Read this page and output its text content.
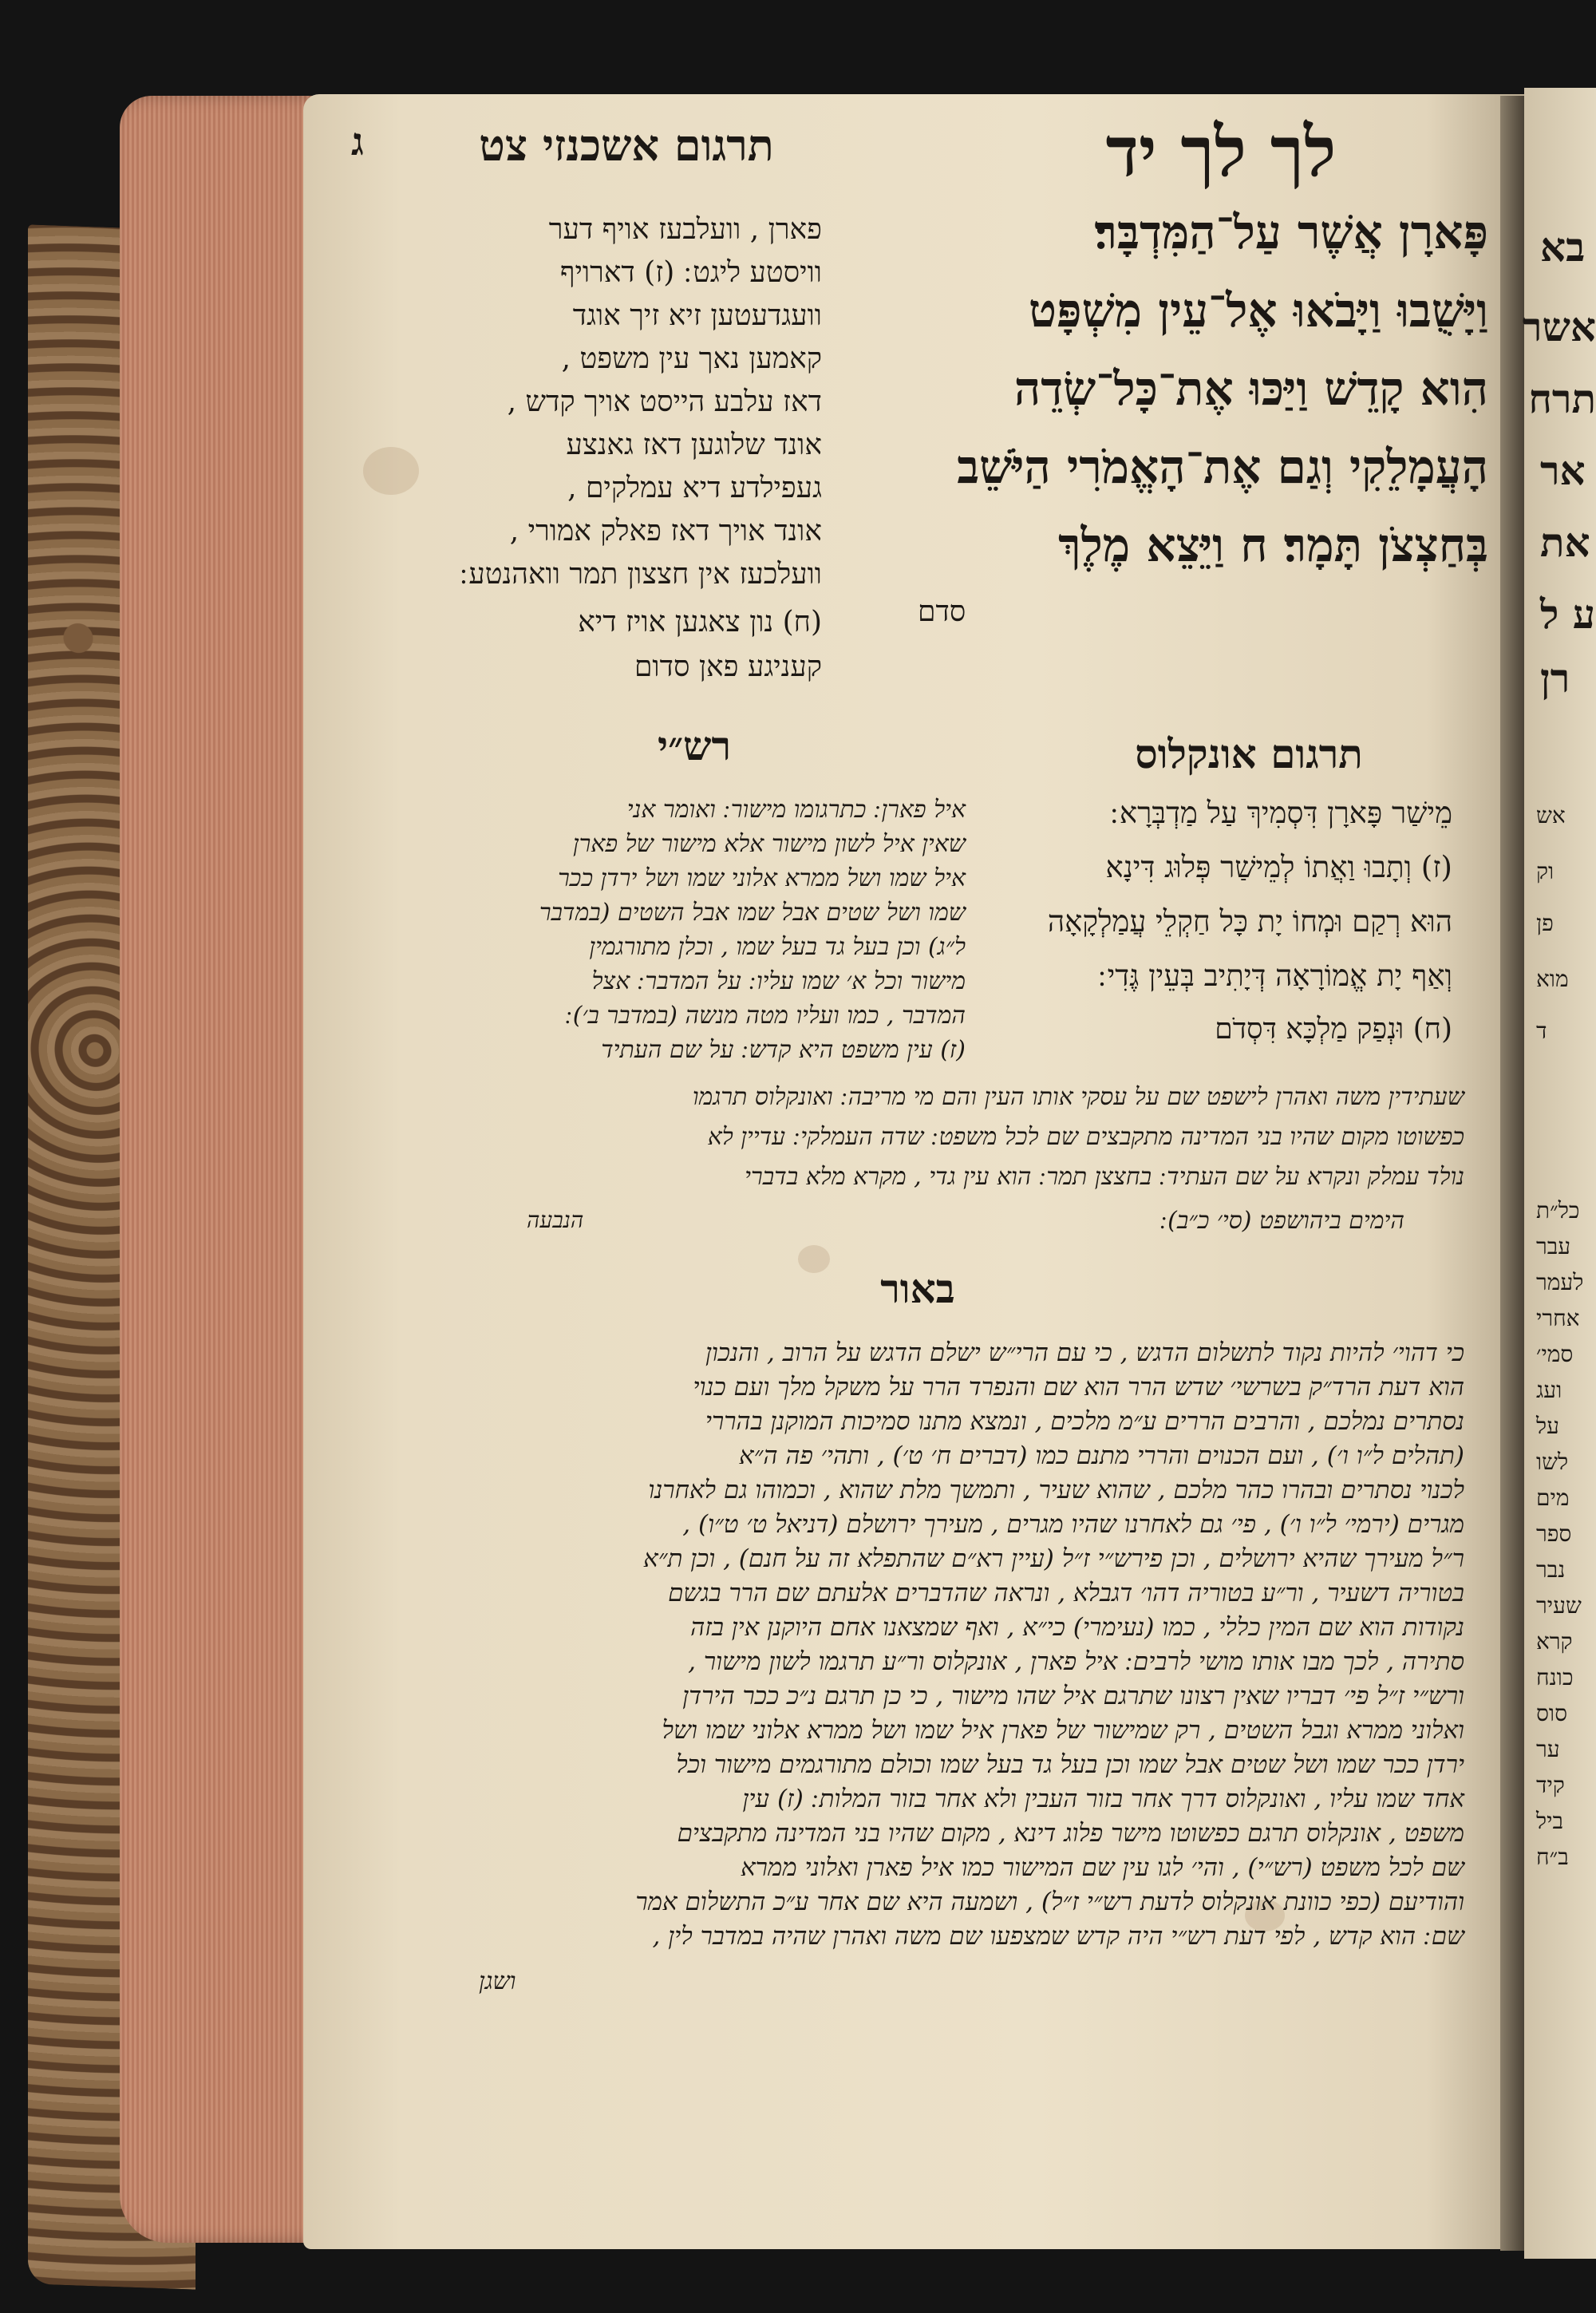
ג	תרגום אשכנזי צט	לך לך יד
פָּארָן אֲשֶׁר עַל־הַמִּדְבָּר׃
וַיָּשֻׁבוּ וַיָּבֹאוּ אֶל־עֵין מִשְׁפָּט
הִוא קָדֵשׁ וַיַּכּוּ אֶת־כָּל־שְׂדֵה
הָעֲמָלֵקִי וְגַם אֶת־הָאֱמֹרִי הַיֹּשֵׁב
בְּחַצְצֹן תָּמָר׃ ח וַיֵּצֵא מֶלֶךְ
סדם
פארן , וועלבעז אויף דער
וויסטע ליגט ׃ (ז) דארויף
וועגדעטען זיא זיך אוגד
קאמען נאך עין משפט ,
דאז עלבע הייסט אויך קדש ,
אונד שלוגען דאז גאנצע
געפילדע דיא עמלקים ,
אונד אויך דאז פאלק אמורי ,
וועלכעז אין חצצון תמר וואהנטע ׃
(ח) נון צאגען אויז דיא
קעניגע פאן סדום
רש״י	תרגום אונקלוס
מֵישַׁר פָּארָן דִּסְמִיךְ עַל מַדְבְּרָא ׃
(ז) וְתָבוּ וַאֲתוֹ לְמֵישַׁר פְּלוּג דִּינָא
הוּא רְקַם וּמְחוֹ יָת כָּל חַקְלֵי עֲמַלְקָאָה
וְאַף יָת אֱמוֹרָאָה דְּיָתִיב בְּעֵין גֶּדִי ׃
(ח) וּנְפַק מַלְכָּא דִּסְדֹם
איל פארן ׃ כתרגומו מישור ׃ ואומר אני
שאין איל לשון מישור אלא מישור של פארן
איל שמו ושל ממרא אלוני שמו ושל ירדן ככר
שמו ושל שטים אבל שמו אבל השטים (במדבר
ל״ג) וכן בעל גד בעל שמו , וכלן מתורגמין
מישור וכל א׳ שמו עליו ׃ על המדבר ׃ אצל
המדבר , כמו ועליו מטה מנשה (במדבר ב׳) ׃
(ז) עין משפט היא קדש ׃ על שם העתיד
שעתידין משה ואהרן לישפט שם על עסקי אותו העין והם מי מריבה ׃ ואונקלוס תרגמו
כפשוטו מקום שהיו בני המדינה מתקבצים שם לכל משפט ׃ שדה העמלקי ׃ עדיין לא
נולד עמלק ונקרא על שם העתיד ׃ בחצצן תמר ׃ הוא עין גדי , מקרא מלא בדברי
הימים ביהושפט (סי׳ כ״ב) ׃
הנבעה
באור
כי דהוי׳ להיות נקוד לתשלום הדגש , כי עם הרי״ש ישלם הדגש על הרוב , והנכון
הוא דעת הרד״ק בשרשי׳ שדש הרר הוא שם והנפרד הרר על משקל מלך ועם כנוי
נסתרים נמלכם , והרבים הררים ע״מ מלכים , ונמצא מתנו סמיכות המוקנן בהררי
(תהלים ל״ו ו׳) , ועם הכנוים והררי מתנם כמו (דברים ח׳ ט׳) , ותהי׳ פה ה״א
לכנוי נסתרים ובהרו כהר מלכם , שהוא שעיר , ותמשך מלת שהוא , וכמוהו גם לאחרנו
מגרים (ירמי׳ ל״ו ו׳) , פי׳ גם לאחרנו שהיו מגרים , מעירך ירושלם (דניאל ט׳ ט״ו) ,
ר״ל מעירך שהיא ירושלים , וכן פירש״י ז״ל (עיין רא״ם שהתפלא זה על חנם) , וכן ת״א
בטוריה דשעיר , ור״ע בטוריה דהו׳ דגבלא , ונראה שהדברים אלעתם שם הרר בגשם
נקודות הוא שם המין כללי , כמו (נעימרי) כי״א , ואף שמצאנו אחם היוקנן אין בזה
סתירה , לכך מבו אותו מושי לרבים ׃ איל פארן , אונקלוס ור״ע תרגמו לשון מישור ,
ורש״י ז״ל פי׳ דבריו שאין רצונו שתרגם איל שהו מישור , כי כן תרגם נ״כ ככר הירדן
ואלוני ממרא וגבל השטים , רק שמישור של פארן איל שמו ושל ממרא אלוני שמו ושל
ירדן ככר שמו ושל שטים אבל שמו וכן בעל גד בעל שמו וכולם מתורגמים מישור וכל
אחד שמו עליו , ואונקלוס דרך אחר בזור העבין ולא אחר בזור המלות ׃ (ז) עין
משפט , אונקלוס תרגם כפשוטו מישר פלוג דינא , מקום שהיו בני המדינה מתקבצים
שם לכל משפט (רש״י) , והי׳ לגו עין שם המישור כמו איל פארן ואלוני ממרא
והודיעם (כפי כוונת אונקלוס לדעת רש״י ז״ל) , ושמעה היא שם אחר ע״כ התשלום אמר
שם ׃ הוא קדש , לפי דעת רש״י היה קדש שמצפעו שם משה ואהרן שהיה במדבר לין ,
ושגן
בא
אשר
תרח
אר
את
ע ל
רן
אש
וק
פן
מוא
ד
כל״ת
עבר
לעמר
אחרי
סמי׳
ועג
על
לשו
מים
ספר
נבר
שעיר
קרא
כונח
סוס
ער
קיד
ביל
ב״ח
